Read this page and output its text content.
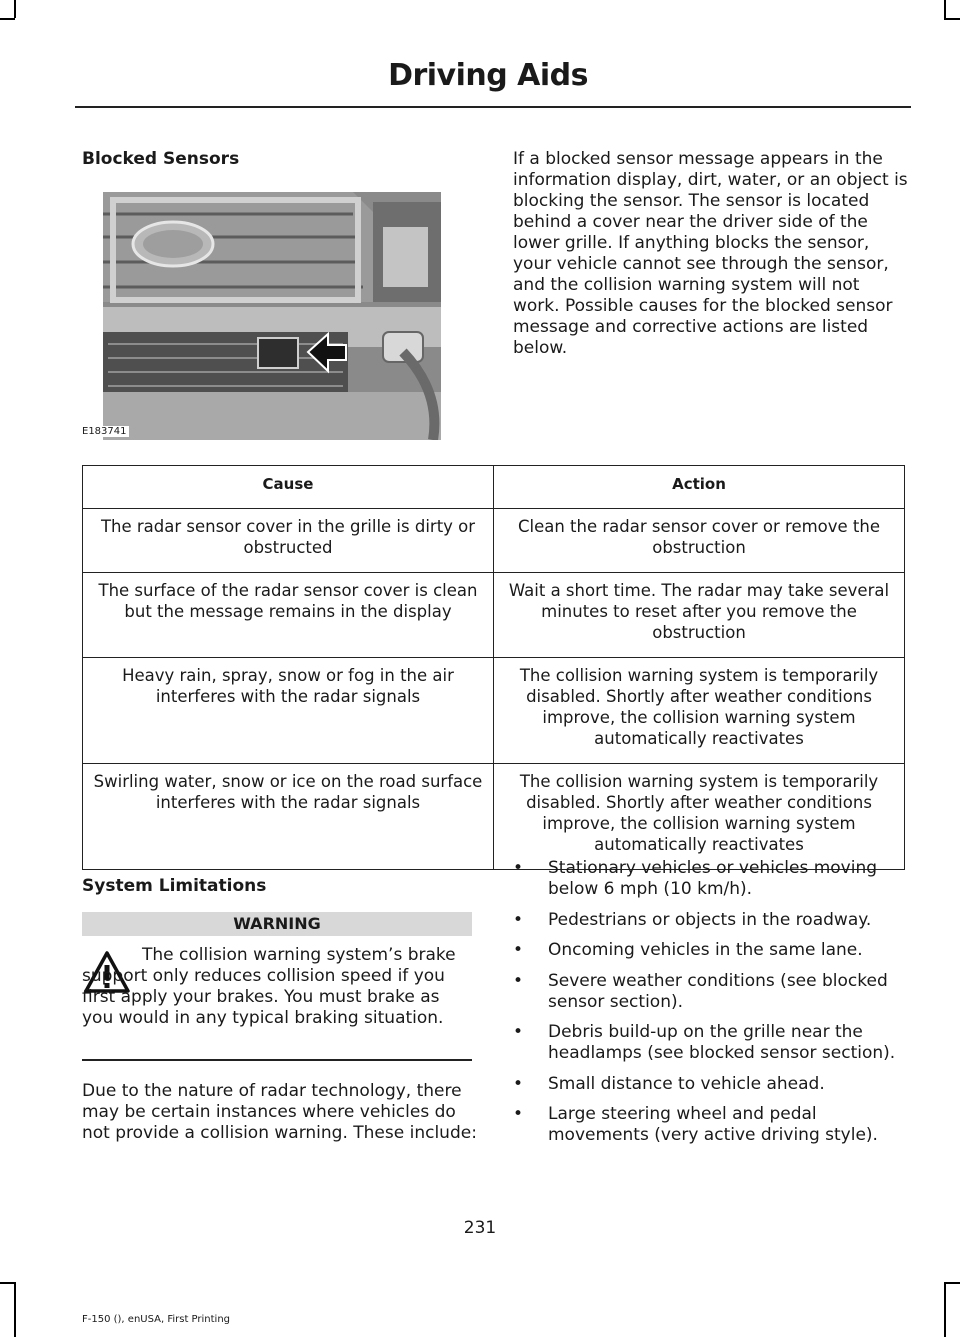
Driving Aids
Blocked Sensors
E183741
If a blocked sensor message appears in the information display, dirt, water, or an object is blocking the sensor. The sensor is located behind a cover near the driver side of the lower grille. If anything blocks the sensor, your vehicle cannot see through the sensor, and the collision warning system will not work. Possible causes for the blocked sensor message and corrective actions are listed below.
Cause	Action
The radar sensor cover in the grille is dirty or obstructed	Clean the radar sensor cover or remove the obstruction
The surface of the radar sensor cover is clean but the message remains in the display	Wait a short time. The radar may take several minutes to reset after you remove the obstruction
Heavy rain, spray, snow or fog in the air interferes with the radar signals	The collision warning system is temporarily disabled. Shortly after weather conditions improve, the collision warning system automatically reactivates
Swirling water, snow or ice on the road surface interferes with the radar signals	The collision warning system is temporarily disabled. Shortly after weather conditions improve, the collision warning system automatically reactivates
System Limitations
WARNING
The collision warning system’s brake support only reduces collision speed if you first apply your brakes. You must brake as you would in any typical braking situation.
Due to the nature of radar technology, there may be certain instances where vehicles do not provide a collision warning. These include:
• Stationary vehicles or vehicles moving below 6 mph (10 km/h).
• Pedestrians or objects in the roadway.
• Oncoming vehicles in the same lane.
• Severe weather conditions (see blocked sensor section).
• Debris build-up on the grille near the headlamps (see blocked sensor section).
• Small distance to vehicle ahead.
• Large steering wheel and pedal movements (very active driving style).
231
F-150 (), enUSA, First Printing
